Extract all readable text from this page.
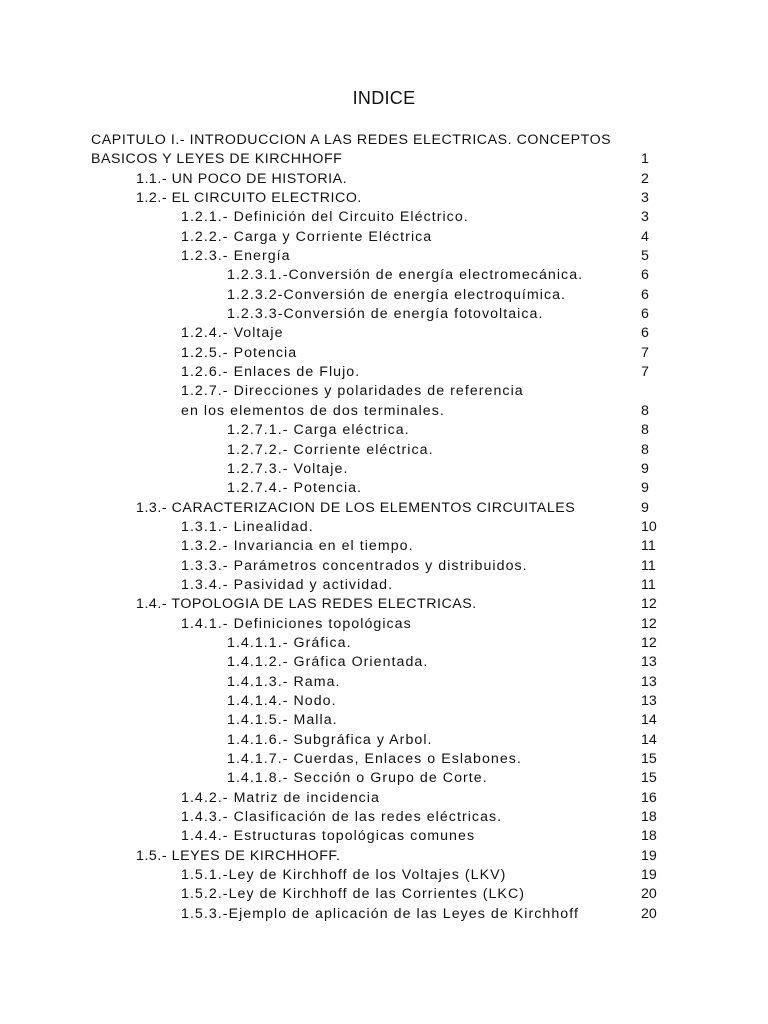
INDICE
CAPITULO I.- INTRODUCCION A LAS REDES ELECTRICAS. CONCEPTOS
BASICOS Y LEYES DE KIRCHHOFF	1
1.1.- UN POCO DE HISTORIA.	2
1.2.- EL CIRCUITO ELECTRICO.	3
1.2.1.- Definición del Circuito Eléctrico.	3
1.2.2.- Carga y Corriente Eléctrica	4
1.2.3.- Energía	5
1.2.3.1.-Conversión de energía electromecánica.	6
1.2.3.2-Conversión de energía electroquímica.	6
1.2.3.3-Conversión de energía fotovoltaica.	6
1.2.4.- Voltaje	6
1.2.5.- Potencia	7
1.2.6.- Enlaces de Flujo.	7
1.2.7.- Direcciones y polaridades de referencia
en los elementos de dos terminales.	8
1.2.7.1.- Carga eléctrica.	8
1.2.7.2.- Corriente eléctrica.	8
1.2.7.3.- Voltaje.	9
1.2.7.4.- Potencia.	9
1.3.- CARACTERIZACION DE LOS ELEMENTOS CIRCUITALES	9
1.3.1.- Linealidad.	10
1.3.2.- Invariancia en el tiempo.	11
1.3.3.- Parámetros concentrados y distribuidos.	11
1.3.4.- Pasividad y actividad.	11
1.4.- TOPOLOGIA DE LAS REDES ELECTRICAS.	12
1.4.1.- Definiciones topológicas	12
1.4.1.1.- Gráfica.	12
1.4.1.2.- Gráfica Orientada.	13
1.4.1.3.- Rama.	13
1.4.1.4.- Nodo.	13
1.4.1.5.- Malla.	14
1.4.1.6.- Subgráfica y Arbol.	14
1.4.1.7.- Cuerdas, Enlaces o Eslabones.	15
1.4.1.8.- Sección o Grupo de Corte.	15
1.4.2.- Matriz de incidencia	16
1.4.3.- Clasificación de las redes eléctricas.	18
1.4.4.- Estructuras topológicas comunes	18
1.5.- LEYES DE KIRCHHOFF.	19
1.5.1.-Ley de Kirchhoff de los Voltajes (LKV)	19
1.5.2.-Ley de Kirchhoff de las Corrientes (LKC)	20
1.5.3.-Ejemplo de aplicación de las Leyes de Kirchhoff	20
